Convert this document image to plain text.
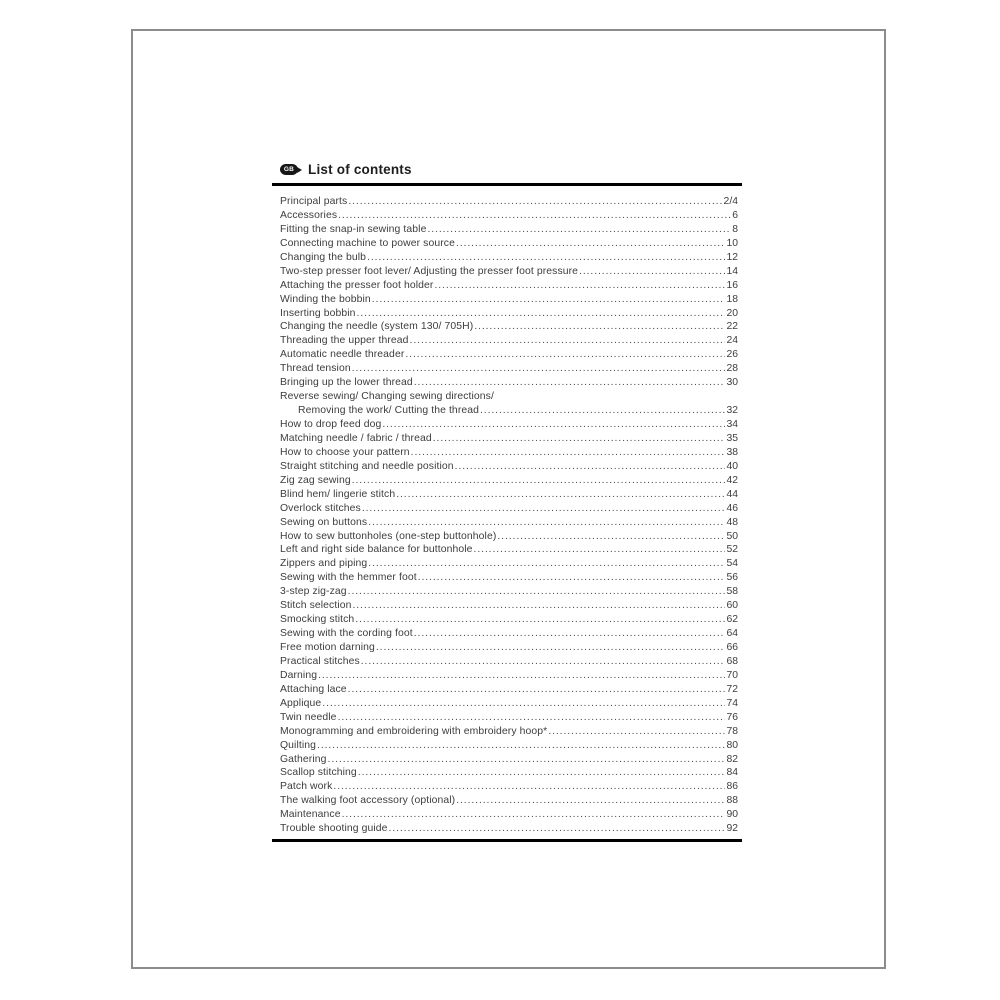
GB List of contents
Principal parts .....	2/4
Accessories .....	6
Fitting the snap-in sewing table .....	8
Connecting machine to power source .....	10
Changing the bulb .....	12
Two-step presser foot lever/ Adjusting the presser foot pressure .....	14
Attaching the presser foot holder .....	16
Winding the bobbin .....	18
Inserting bobbin .....	20
Changing the needle (system 130/ 705H) .....	22
Threading the upper thread .....	24
Automatic needle threader .....	26
Thread tension .....	28
Bringing up the lower thread .....	30
Reverse sewing/ Changing sewing directions/
Removing the work/ Cutting the thread .....	32
How to drop feed dog .....	34
Matching needle / fabric / thread .....	35
How to choose your pattern .....	38
Straight stitching and needle position .....	40
Zig zag sewing .....	42
Blind hem/ lingerie stitch .....	44
Overlock stitches .....	46
Sewing on buttons .....	48
How to sew buttonholes (one-step buttonhole) .....	50
Left and right side balance for buttonhole .....	52
Zippers and piping .....	54
Sewing with the hemmer foot .....	56
3-step zig-zag .....	58
Stitch selection .....	60
Smocking stitch .....	62
Sewing with the cording foot .....	64
Free motion darning .....	66
Practical stitches .....	68
Darning .....	70
Attaching lace .....	72
Applique .....	74
Twin needle .....	76
Monogramming and embroidering with embroidery hoop* .....	78
Quilting .....	80
Gathering .....	82
Scallop stitching .....	84
Patch work .....	86
The walking foot accessory (optional) .....	88
Maintenance .....	90
Trouble shooting guide .....	92
